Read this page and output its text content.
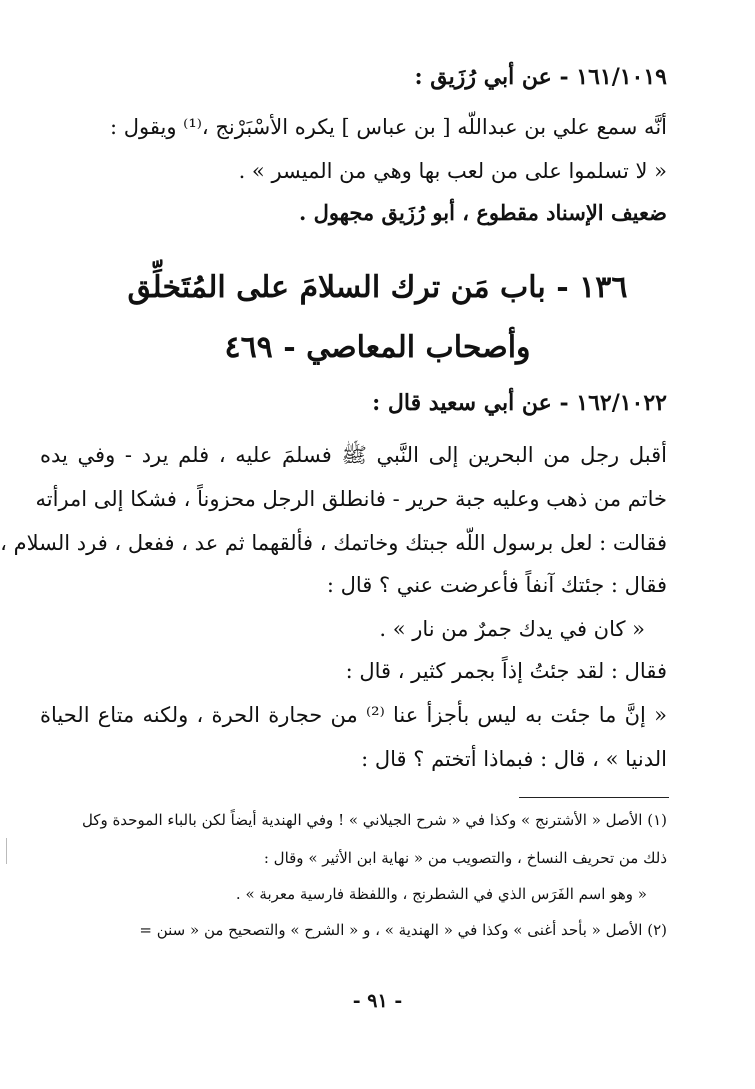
١٦١/١٠١٩ - عن أبي رُزَيق :
أنَّه سمع علي بن عبداللّه [ بن عباس ] يكره الأسْبَرْنج ،⁽¹⁾ ويقول :
« لا تسلموا على من لعب بها وهي من الميسر » .
ضعيف الإسناد مقطوع ، أبو رُزَيق مجهول .
١٣٦ - باب مَن ترك السلامَ على المُتَخلِّق
وأصحاب المعاصي - ٤٦٩
١٦٢/١٠٢٢ - عن أبي سعيد قال :
أقبل رجل من البحرين إلى النَّبي ﷺ فسلمَ عليه ، فلم يرد - وفي يده
خاتم من ذهب وعليه جبة حرير - فانطلق الرجل محزوناً ، فشكا إلى امرأته
فقالت : لعل برسول اللّه جبتك وخاتمك ، فألقهما ثم عد ، ففعل ، فرد السلام ،
فقال : جئتك آنفاً فأعرضت عني ؟ قال :
« كان في يدك جمرٌ من نار » .
فقال : لقد جئتُ إذاً بجمر كثير ، قال :
« إنَّ ما جئت به ليس بأجزأ عنا ⁽²⁾ من حجارة الحرة ، ولكنه متاع الحياة
الدنيا » ، قال : فبماذا أتختم ؟ قال :
(١) الأصل « الأشترنج » وكذا في « شرح الجيلاني » ! وفي الهندية أيضاً لكن بالباء الموحدة وكل
ذلك من تحريف النساخ ، والتصويب من « نهاية ابن الأثير » وقال :
« وهو اسم الفَرَس الذي في الشطرنج ، واللفظة فارسية معربة » .
(٢) الأصل « بأحد أغنى » وكذا في « الهندية » ، و « الشرح » والتصحيح من « سنن =
- ٩١ -
